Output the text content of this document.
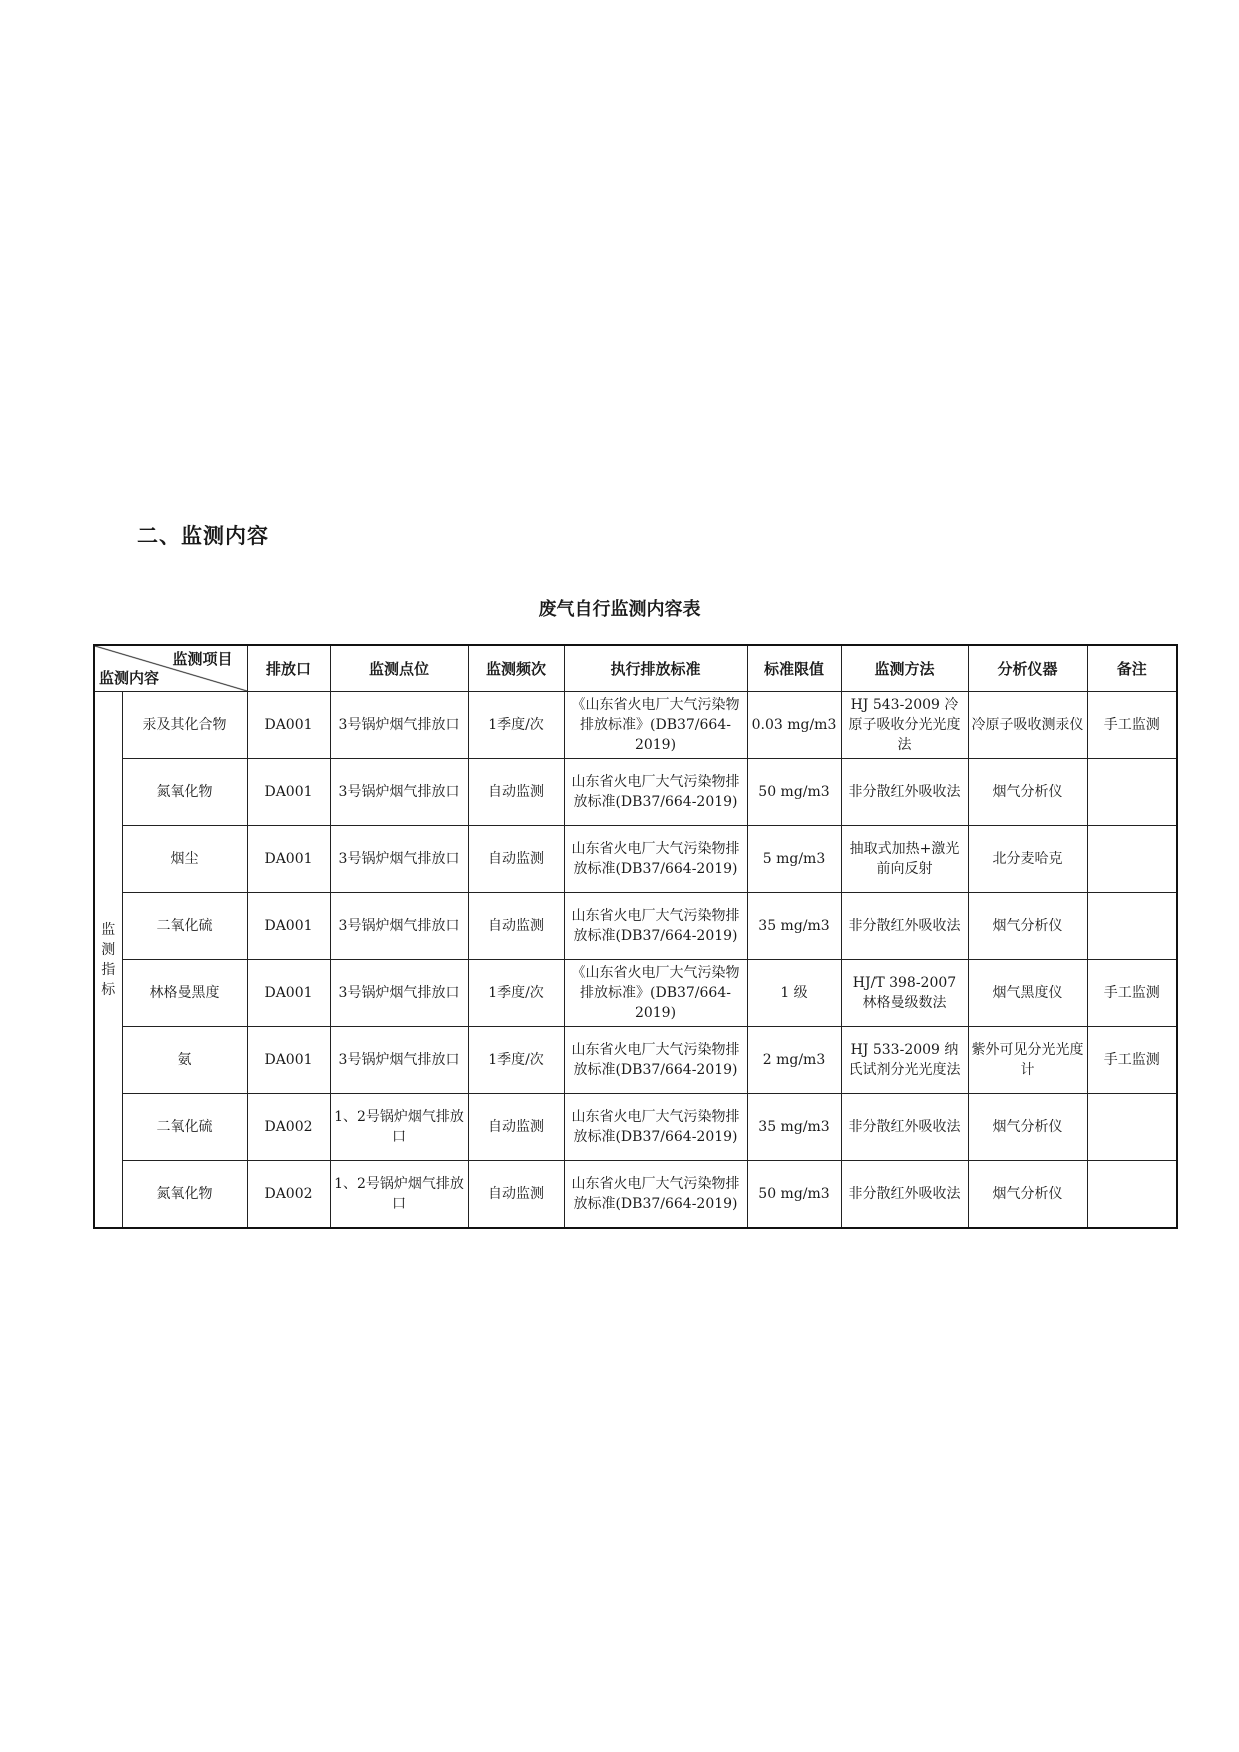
二、监测内容
废气自行监测内容表
监测项目
监测内容		排放口	监测点位	监测频次	执行排放标准	标准限值	监测方法	分析仪器	备注

监测指标	汞及其化合物	DA001	3号锅炉烟气排放口	1季度/次	《山东省火电厂大气污染物排放标准》(DB37/664-2019)	0.03 mg/m3	HJ 543-2009 冷原子吸收分光光度法	冷原子吸收测汞仪	手工监测
	氮氧化物	DA001	3号锅炉烟气排放口	自动监测	山东省火电厂大气污染物排放标准(DB37/664-2019)	50 mg/m3	非分散红外吸收法	烟气分析仪	
	烟尘	DA001	3号锅炉烟气排放口	自动监测	山东省火电厂大气污染物排放标准(DB37/664-2019)	5 mg/m3	抽取式加热+激光前向反射	北分麦哈克	
	二氧化硫	DA001	3号锅炉烟气排放口	自动监测	山东省火电厂大气污染物排放标准(DB37/664-2019)	35 mg/m3	非分散红外吸收法	烟气分析仪	
	林格曼黑度	DA001	3号锅炉烟气排放口	1季度/次	《山东省火电厂大气污染物排放标准》(DB37/664-2019)	1 级	HJ/T 398-2007 林格曼级数法	烟气黑度仪	手工监测
	氨	DA001	3号锅炉烟气排放口	1季度/次	山东省火电厂大气污染物排放标准(DB37/664-2019)	2 mg/m3	HJ 533-2009 纳氏试剂分光光度法	紫外可见分光光度计	手工监测
	二氧化硫	DA002	1、2号锅炉烟气排放口	自动监测	山东省火电厂大气污染物排放标准(DB37/664-2019)	35 mg/m3	非分散红外吸收法	烟气分析仪	
	氮氧化物	DA002	1、2号锅炉烟气排放口	自动监测	山东省火电厂大气污染物排放标准(DB37/664-2019)	50 mg/m3	非分散红外吸收法	烟气分析仪	
